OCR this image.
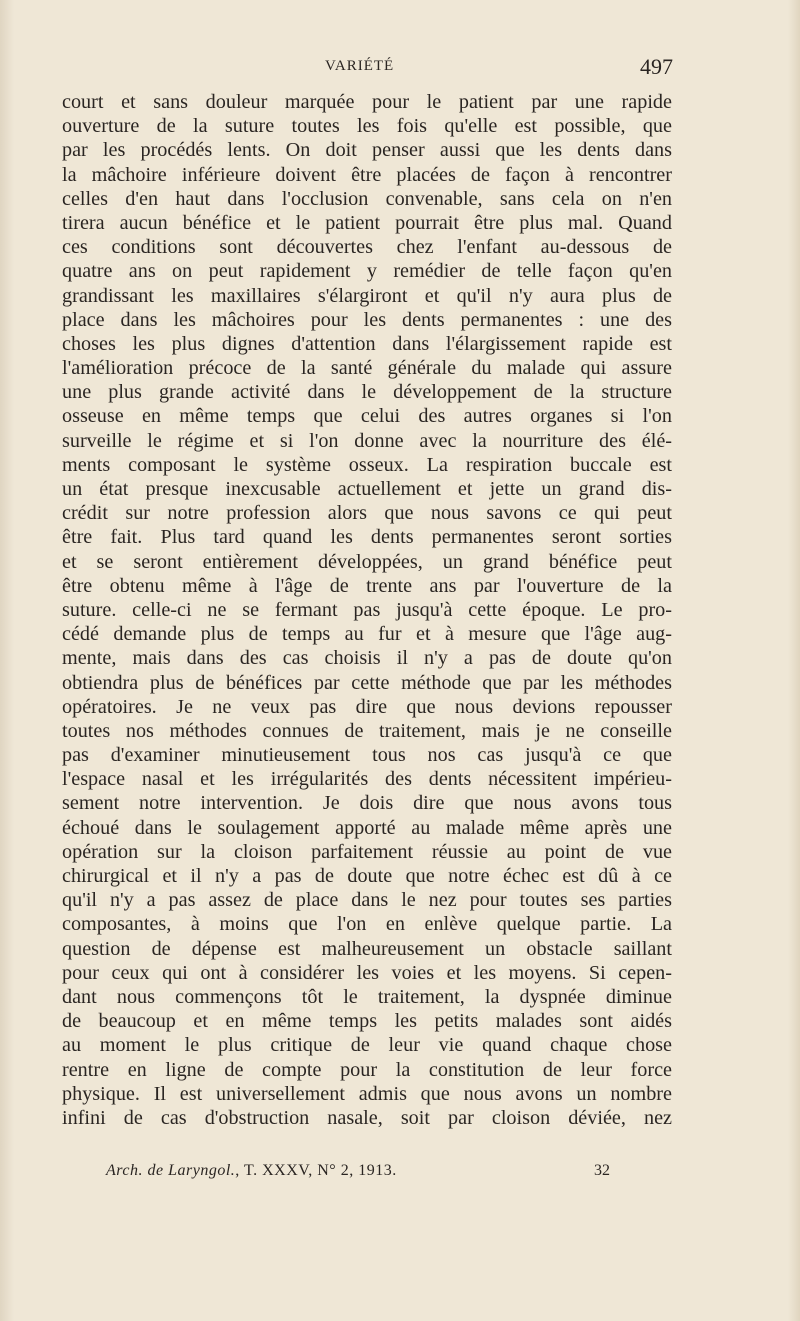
VARIÉTÉ	497
court et sans douleur marquée pour le patient par une rapide
ouverture de la suture toutes les fois qu'elle est possible, que
par les procédés lents. On doit penser aussi que les dents dans
la mâchoire inférieure doivent être placées de façon à rencontrer
celles d'en haut dans l'occlusion convenable, sans cela on n'en
tirera aucun bénéfice et le patient pourrait être plus mal. Quand
ces conditions sont découvertes chez l'enfant au-dessous de
quatre ans on peut rapidement y remédier de telle façon qu'en
grandissant les maxillaires s'élargiront et qu'il n'y aura plus de
place dans les mâchoires pour les dents permanentes : une des
choses les plus dignes d'attention dans l'élargissement rapide est
l'amélioration précoce de la santé générale du malade qui assure
une plus grande activité dans le développement de la structure
osseuse en même temps que celui des autres organes si l'on
surveille le régime et si l'on donne avec la nourriture des élé-
ments composant le système osseux. La respiration buccale est
un état presque inexcusable actuellement et jette un grand dis-
crédit sur notre profession alors que nous savons ce qui peut
être fait. Plus tard quand les dents permanentes seront sorties
et se seront entièrement développées, un grand bénéfice peut
être obtenu même à l'âge de trente ans par l'ouverture de la
suture. celle-ci ne se fermant pas jusqu'à cette époque. Le pro-
cédé demande plus de temps au fur et à mesure que l'âge aug-
mente, mais dans des cas choisis il n'y a pas de doute qu'on
obtiendra plus de bénéfices par cette méthode que par les méthodes
opératoires. Je ne veux pas dire que nous devions repousser
toutes nos méthodes connues de traitement, mais je ne conseille
pas d'examiner minutieusement tous nos cas jusqu'à ce que
l'espace nasal et les irrégularités des dents nécessitent impérieu-
sement notre intervention. Je dois dire que nous avons tous
échoué dans le soulagement apporté au malade même après une
opération sur la cloison parfaitement réussie au point de vue
chirurgical et il n'y a pas de doute que notre échec est dû à ce
qu'il n'y a pas assez de place dans le nez pour toutes ses parties
composantes, à moins que l'on en enlève quelque partie. La
question de dépense est malheureusement un obstacle saillant
pour ceux qui ont à considérer les voies et les moyens. Si cepen-
dant nous commençons tôt le traitement, la dyspnée diminue
de beaucoup et en même temps les petits malades sont aidés
au moment le plus critique de leur vie quand chaque chose
rentre en ligne de compte pour la constitution de leur force
physique. Il est universellement admis que nous avons un nombre
infini de cas d'obstruction nasale, soit par cloison déviée, nez
Arch. de Laryngol., T. XXXV, N° 2, 1913.	32
